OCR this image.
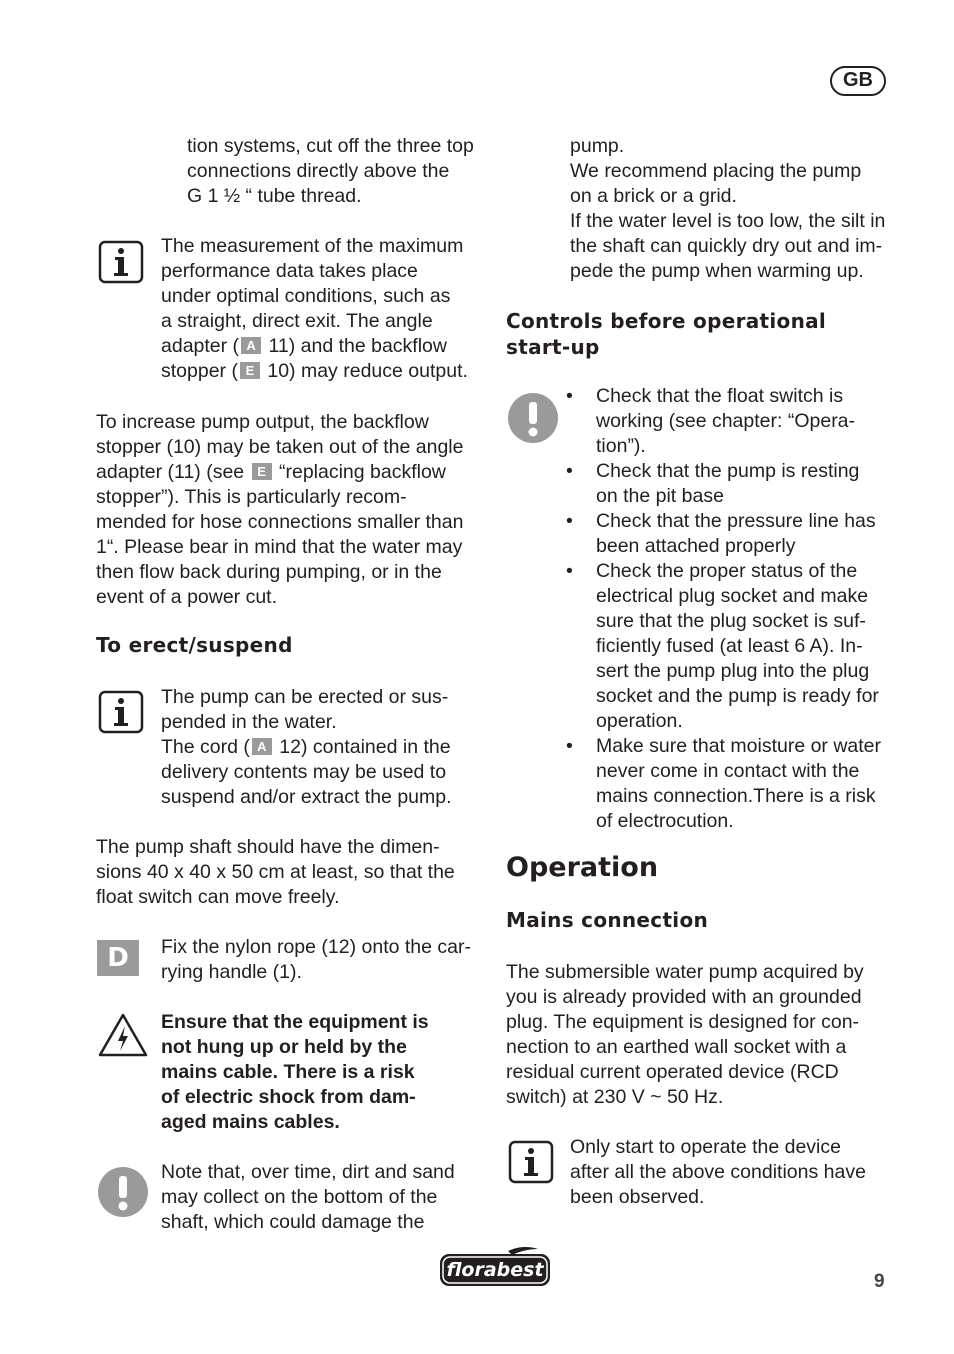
GB
tion systems, cut off the three top
connections directly above the
G 1 ½ “ tube thread.
The measurement of the maximum
performance data takes place
under optimal conditions, such as
a straight, direct exit. The angle
adapter ( A 11) and the backflow
stopper ( E 10) may reduce output.
To increase pump output, the backflow
stopper (10) may be taken out of the angle
adapter (11) (see E “replacing backflow
stopper”). This is particularly recom-
mended for hose connections smaller than
1“. Please bear in mind that the water may
then flow back during pumping, or in the
event of a power cut.
To erect/suspend
The pump can be erected or sus-
pended in the water.
The cord ( A 12) contained in the
delivery contents may be used to
suspend and/or extract the pump.
The pump shaft should have the dimen-
sions 40 x 40 x 50 cm at least, so that the
float switch can move freely.
D	Fix the nylon rope (12) onto the car-
rying handle (1).
Ensure that the equipment is
not hung up or held by the
mains cable. There is a risk
of electric shock from dam-
aged mains cables.
Note that, over time, dirt and sand
may collect on the bottom of the
shaft, which could damage the
pump.
We recommend placing the pump
on a brick or a grid.
If the water level is too low, the silt in
the shaft can quickly dry out and im-
pede the pump when warming up.
Controls before operational
start-up
• Check that the float switch is
working (see chapter: “Opera-
tion”).
• Check that the pump is resting
on the pit base
• Check that the pressure line has
been attached properly
• Check the proper status of the
electrical plug socket and make
sure that the plug socket is suf-
ficiently fused (at least 6 A). In-
sert the pump plug into the plug
socket and the pump is ready for
operation.
• Make sure that moisture or water
never come in contact with the
mains connection.There is a risk
of electrocution.
Operation
Mains connection
The submersible water pump acquired by
you is already provided with an grounded
plug. The equipment is designed for con-
nection to an earthed wall socket with a
residual current operated device (RCD
switch) at 230 V ~ 50 Hz.
Only start to operate the device
after all the above conditions have
been observed.
florabest
9
